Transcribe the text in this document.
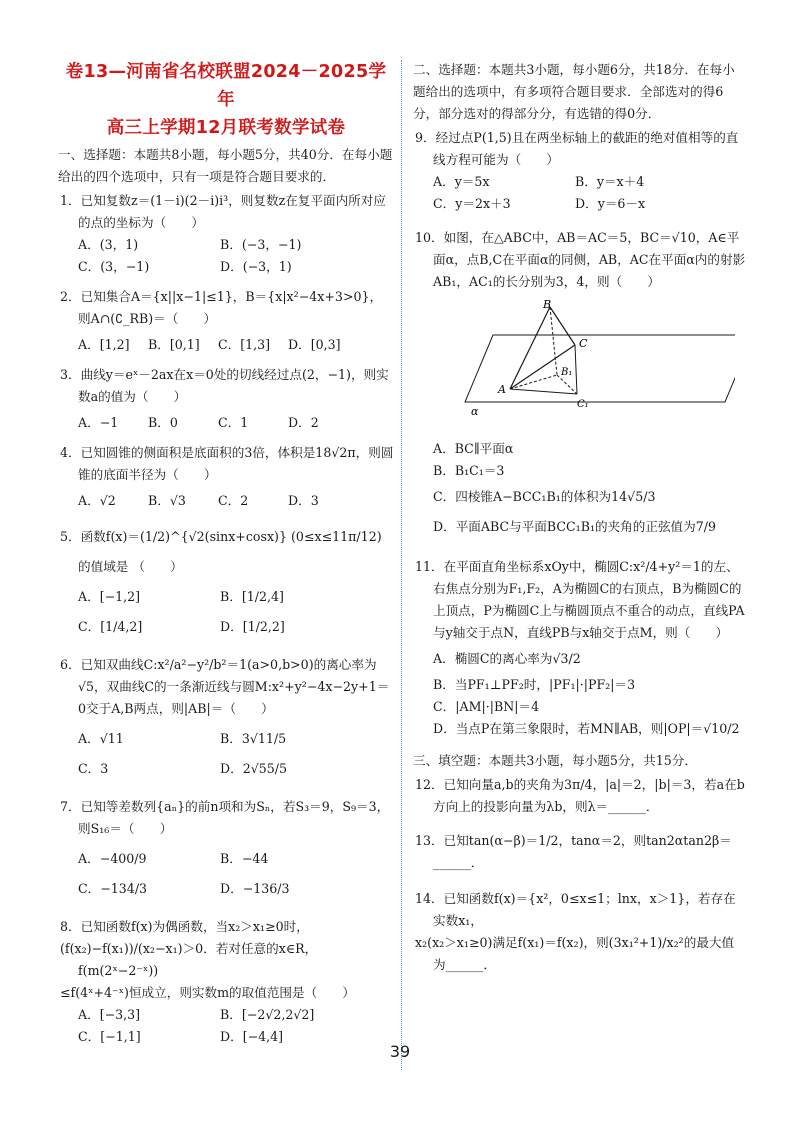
卷13—河南省名校联盟2024－2025学年
高三上学期12月联考数学试卷
一、选择题：本题共8小题，每小题5分，共40分．在每小题给出的四个选项中，只有一项是符合题目要求的．
1．已知复数z＝(1－i)(2－i)i³，则复数z在复平面内所对应的点的坐标为（　　）
A．(3，1)	B．(−3，−1)
C．(3，−1)	D．(−3，1)
2．已知集合A＝{x||x−1|≤1}，B＝{x|x²−4x+3>0}，则A∩(∁_RB)＝（　　）
A．[1,2]	B．[0,1]	C．[1,3]	D．[0,3]
3．曲线y＝eˣ－2ax在x＝0处的切线经过点(2，−1)，则实数a的值为（　　）
A．−1	B．0	C．1	D．2
4．已知圆锥的侧面积是底面积的3倍，体积是18√2π，则圆锥的底面半径为（　　）
A．√2	B．√3	C．2	D．3
5．函数f(x)＝(1/2)^{√2(sinx+cosx)} (0≤x≤11π/12)的值域是 （　　）
A．[−1,2]	B．[1/2,4]
C．[1/4,2]	D．[1/2,2]
6．已知双曲线C:x²/a²−y²/b²＝1(a>0,b>0)的离心率为√5，双曲线C的一条渐近线与圆M:x²+y²−4x−2y+1＝0交于A,B两点，则|AB|＝（　　）
A．√11	B．3√11/5
C．3	D．2√55/5
7．已知等差数列{aₙ}的前n项和为Sₙ，若S₃＝9，S₉＝3，则S₁₆＝（　　）
A．−400/9	B．−44
C．−134/3	D．−136/3
8．已知函数f(x)为偶函数，当x₂＞x₁≥0时，
(f(x₂)−f(x₁))/(x₂−x₁)＞0．若对任意的x∈R，f(m(2ˣ−2⁻ˣ))
≤f(4ˣ+4⁻ˣ)恒成立，则实数m的取值范围是（　　）
A．[−3,3]	B．[−2√2,2√2]
C．[−1,1]	D．[−4,4]
二、选择题：本题共3小题，每小题6分，共18分．在每小题给出的选项中，有多项符合题目要求．全部选对的得6分，部分选对的得部分分，有选错的得0分．
9．经过点P(1,5)且在两坐标轴上的截距的绝对值相等的直线方程可能为（　　）
A．y＝5x	B．y＝x＋4
C．y＝2x＋3	D．y＝6－x
10．如图，在△ABC中，AB＝AC＝5，BC＝√10，A∈平面α，点B,C在平面α的同侧，AB，AC在平面α内的射影AB₁，AC₁的长分别为3，4，则（　　）
B
C
B₁
A
C₁
α
A．BC∥平面α
B．B₁C₁＝3
C．四棱锥A−BCC₁B₁的体积为14√5/3
D．平面ABC与平面BCC₁B₁的夹角的正弦值为7/9
11．在平面直角坐标系xOy中，椭圆C:x²/4+y²＝1的左、右焦点分别为F₁,F₂，A为椭圆C的右顶点，B为椭圆C的上顶点，P为椭圆C上与椭圆顶点不重合的动点，直线PA与y轴交于点N，直线PB与x轴交于点M，则（　　）
A．椭圆C的离心率为√3/2
B．当PF₁⊥PF₂时，|PF₁|·|PF₂|＝3
C．|AM|·|BN|＝4
D．当点P在第三象限时，若MN∥AB，则|OP|＝√10/2
三、填空题：本题共3小题，每小题5分，共15分．
12．已知向量a,b的夹角为3π/4，|a|＝2，|b|＝3，若a在b方向上的投影向量为λb，则λ＝______．
13．已知tan(α−β)＝1/2，tanα＝2，则tan2αtan2β＝______．
14．已知函数f(x)＝{x²，0≤x≤1；lnx，x＞1}，若存在实数x₁，
x₂(x₂＞x₁≥0)满足f(x₁)＝f(x₂)，则(3x₁²+1)/x₂²的最大值为______．
39
